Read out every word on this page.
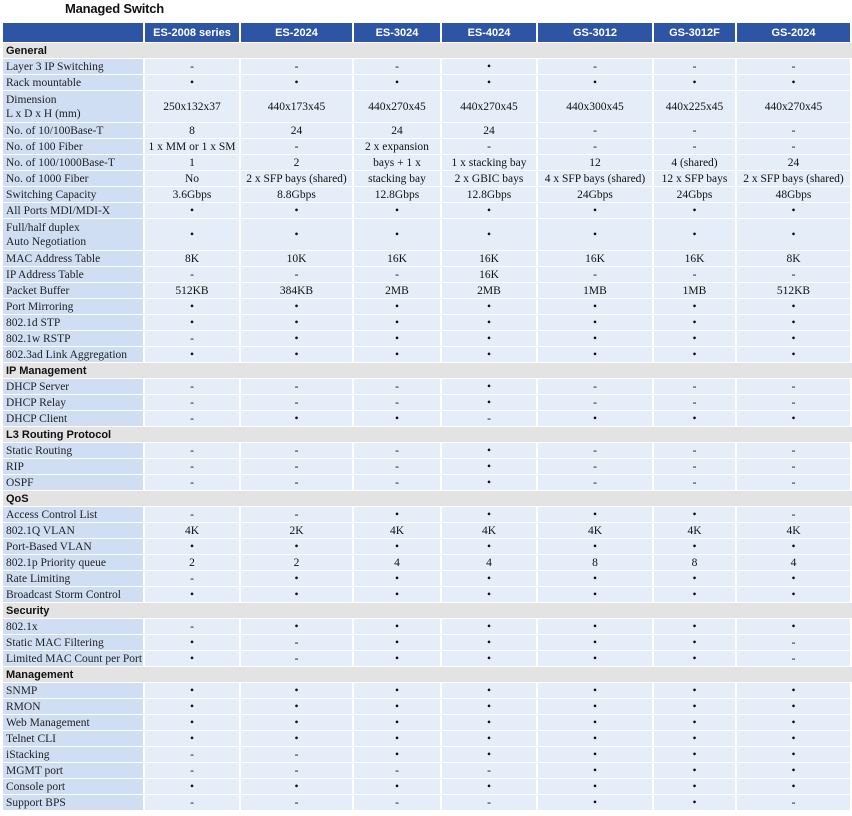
Managed Switch
	ES-2008 series	ES-2024	ES-3024	ES-4024	GS-3012	GS-3012F	GS-2024
General							
Layer 3 IP Switching	-	-	-	•	-	-	-
Rack mountable	•	•	•	•	•	•	•
Dimension
L x D x H (mm)	250x132x37	440x173x45	440x270x45	440x270x45	440x300x45	440x225x45	440x270x45
No. of 10/100Base-T	8	24	24	24	-	-	-
No. of 100 Fiber	1 x MM or 1 x SM	-	2 x expansion	-	-	-	-
No. of 100/1000Base-T	1	2	bays + 1 x	1 x stacking bay	12	4 (shared)	24
No. of 1000 Fiber	No	2 x SFP bays (shared)	stacking bay	2 x GBIC bays	4 x SFP bays (shared)	12 x SFP bays	2 x SFP bays (shared)
Switching Capacity	3.6Gbps	8.8Gbps	12.8Gbps	12.8Gbps	24Gbps	24Gbps	48Gbps
All Ports MDI/MDI-X	•	•	•	•	•	•	•
Full/half duplex
Auto Negotiation	•	•	•	•	•	•	•
MAC Address Table	8K	10K	16K	16K	16K	16K	8K
IP Address Table	-	-	-	16K	-	-	-
Packet Buffer	512KB	384KB	2MB	2MB	1MB	1MB	512KB
Port Mirroring	•	•	•	•	•	•	•
802.1d STP	•	•	•	•	•	•	•
802.1w RSTP	-	•	•	•	•	•	•
802.3ad Link Aggregation	•	•	•	•	•	•	•
IP Management							
DHCP Server	-	-	-	•	-	-	-
DHCP Relay	-	-	-	•	-	-	-
DHCP Client	-	•	•	-	•	•	•
L3 Routing Protocol							
Static Routing	-	-	-	•	-	-	-
RIP	-	-	-	•	-	-	-
OSPF	-	-	-	•	-	-	-
QoS							
Access Control List	-	-	•	•	•	•	-
802.1Q VLAN	4K	2K	4K	4K	4K	4K	4K
Port-Based VLAN	•	•	•	•	•	•	•
802.1p Priority queue	2	2	4	4	8	8	4
Rate Limiting	-	•	•	•	•	•	•
Broadcast Storm Control	•	•	•	•	•	•	•
Security							
802.1x	-	•	•	•	•	•	•
Static MAC Filtering	•	-	•	•	•	•	-
Limited MAC Count per Port	•	-	•	•	•	•	-
Management							
SNMP	•	•	•	•	•	•	•
RMON	•	•	•	•	•	•	•
Web Management	•	•	•	•	•	•	•
Telnet CLI	•	•	•	•	•	•	•
iStacking	-	-	•	•	•	•	•
MGMT port	-	-	-	-	•	•	•
Console port	•	•	•	•	•	•	•
Support BPS	-	-	-	-	•	•	-
